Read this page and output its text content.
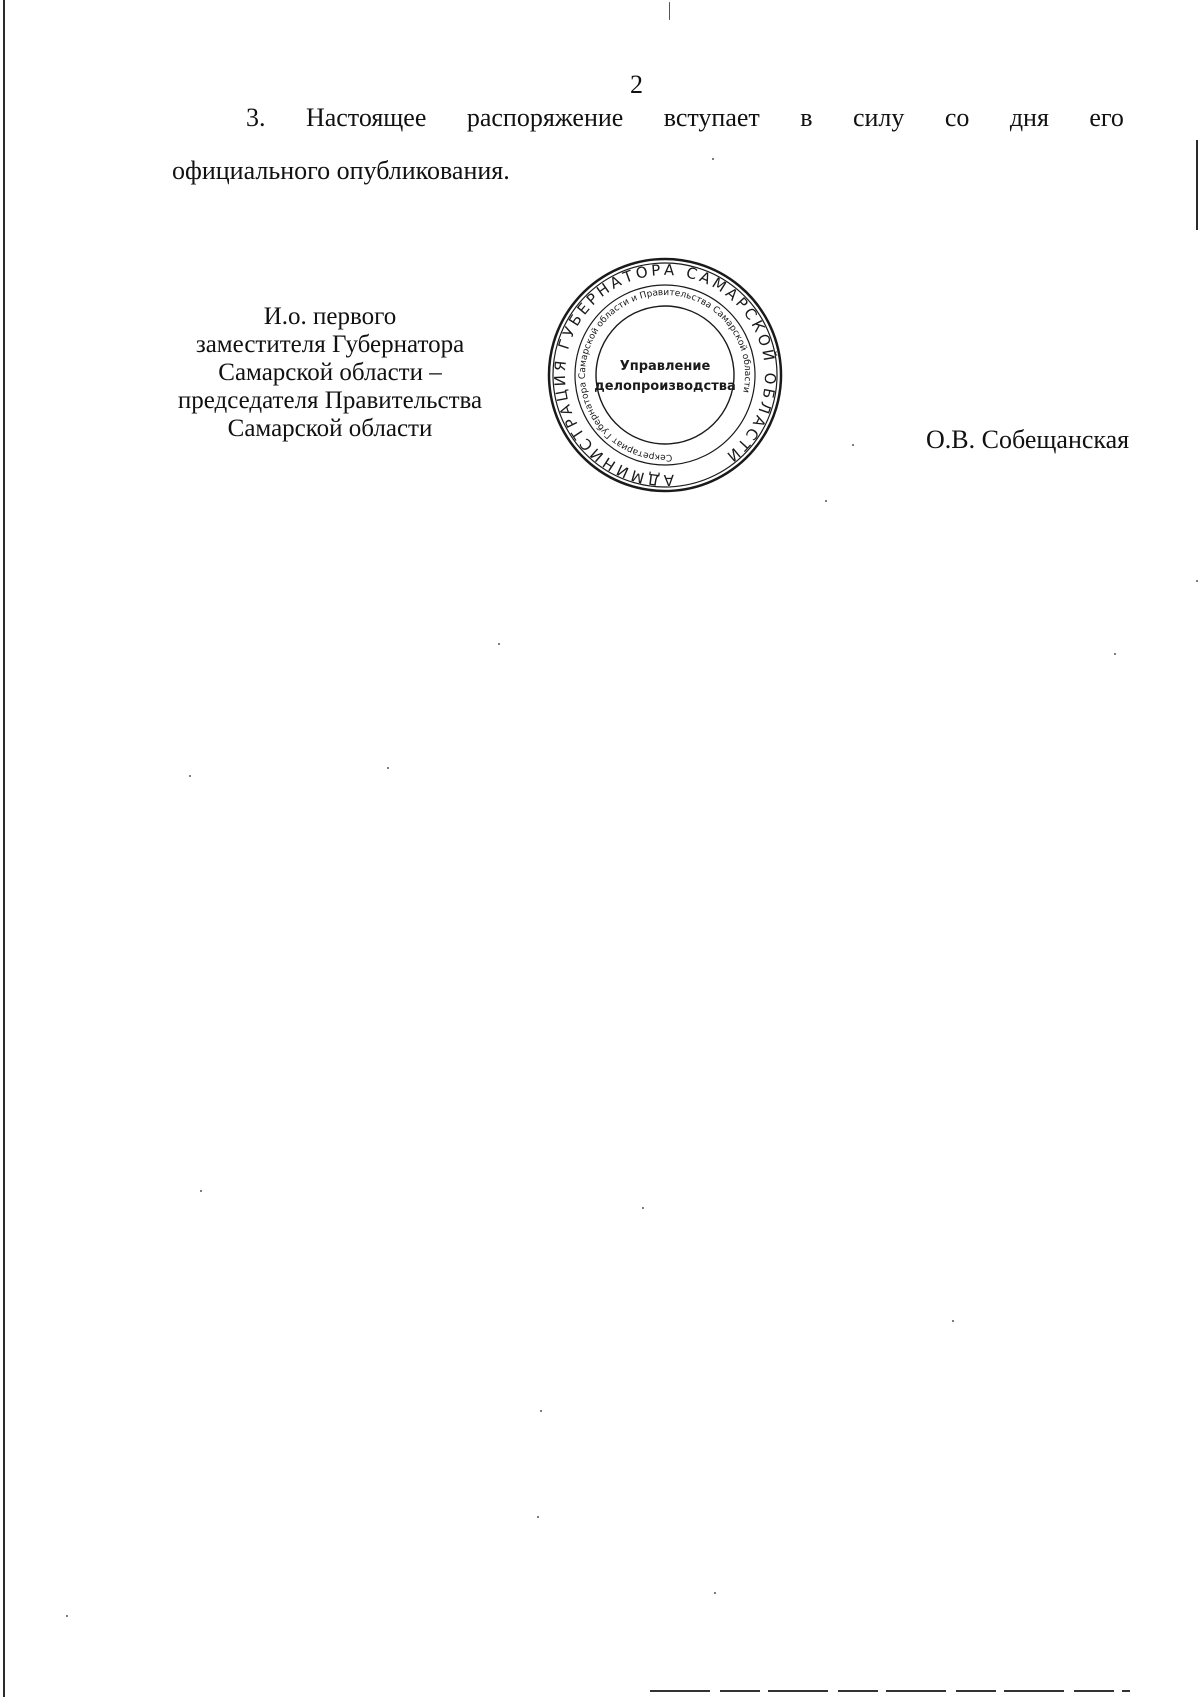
2
3. Настоящее распоряжение вступает в силу со дня его
официального опубликования.
И.о. первого
заместителя Губернатора
Самарской области –
председателя Правительства
Самарской области
АДМИНИСТРАЦИЯ ГУБЕРНАТОРА САМАРСКОЙ ОБЛАСТИ
Секретариат Губернатора Самарской области и Правительства Самарской области
Управление
делопроизводства
О.В. Собещанская
